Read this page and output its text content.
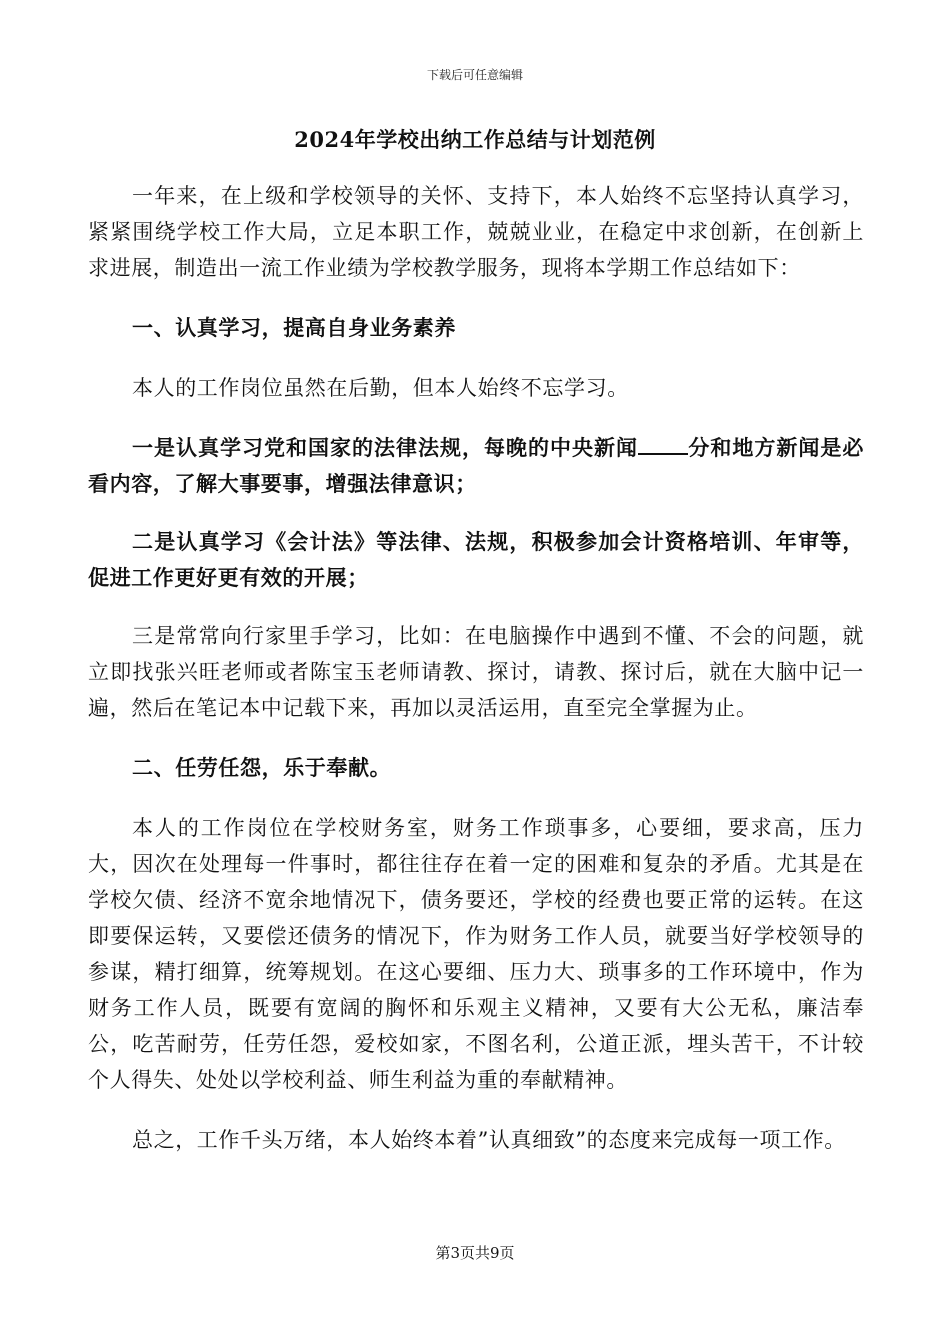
下载后可任意编辑
2024年学校出纳工作总结与计划范例

一年来，在上级和学校领导的关怀、支持下，本人始终不忘坚持认真学习，紧紧围绕学校工作大局，立足本职工作，兢兢业业，在稳定中求创新，在创新上求进展，制造出一流工作业绩为学校教学服务，现将本学期工作总结如下：

一、认真学习，提高自身业务素养

本人的工作岗位虽然在后勤，但本人始终不忘学习。

一是认真学习党和国家的法律法规，每晚的中央新闻 分和地方新闻是必看内容，了解大事要事，增强法律意识；

二是认真学习《会计法》等法律、法规，积极参加会计资格培训、年审等，促进工作更好更有效的开展；

三是常常向行家里手学习，比如：在电脑操作中遇到不懂、不会的问题，就立即找张兴旺老师或者陈宝玉老师请教、探讨，请教、探讨后，就在大脑中记一遍，然后在笔记本中记载下来，再加以灵活运用，直至完全掌握为止。

二、任劳任怨，乐于奉献。

本人的工作岗位在学校财务室，财务工作琐事多，心要细，要求高，压力大，因次在处理每一件事时，都往往存在着一定的困难和复杂的矛盾。尤其是在学校欠债、经济不宽余地情况下，债务要还，学校的经费也要正常的运转。在这即要保运转，又要偿还债务的情况下，作为财务工作人员，就要当好学校领导的参谋，精打细算，统筹规划。在这心要细、压力大、琐事多的工作环境中，作为财务工作人员，既要有宽阔的胸怀和乐观主义精神，又要有大公无私，廉洁奉公，吃苦耐劳，任劳任怨，爱校如家，不图名利，公道正派，埋头苦干，不计较个人得失、处处以学校利益、师生利益为重的奉献精神。

总之，工作千头万绪，本人始终本着”认真细致”的态度来完成每一项工作。

第3页共9页
